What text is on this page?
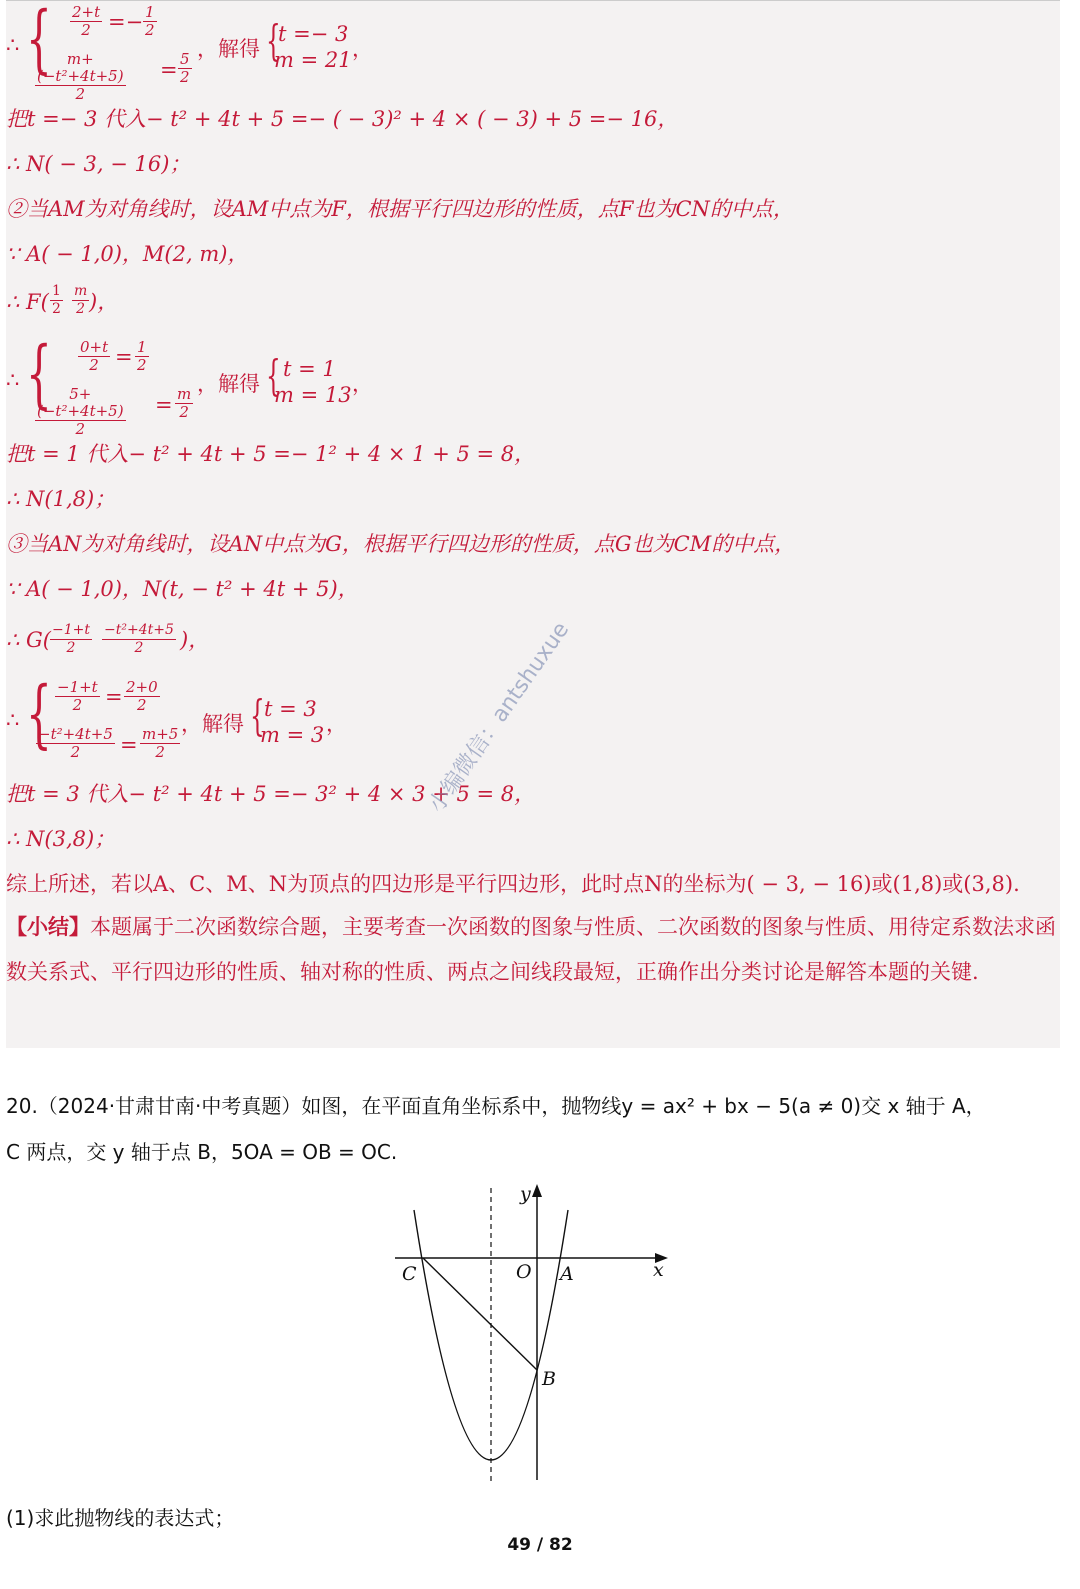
∴ { $\frac{2+t}{2} =- \frac{1}{2}$
$\frac{\text{m+(−t²+4t+5)}}{2} = \frac{5}{2}$
，解得 {
t =− 3
m = 21 ，
把t =− 3 代入− t² + 4t + 5 =− ( − 3)² + 4 × ( − 3) + 5 =− 16，
∴ N( − 3, − 16)；
②当AM为对角线时，设AM中点为F，根据平行四边形的性质，点F也为CN的中点，
∵ A( − 1,0)，M(2, m)，
∴ $F( \frac{1}{2} \frac{m}{2}$ )，
∴ { $\frac{0+t}{2} = \frac{1}{2}$
$\frac{\text{5+(−t²+4t+5)}}{2} = \frac{m}{2}$
，解得 { t = 1
m = 13 ，
把t = 1 代入− t² + 4t + 5 =− 1² + 4 × 1 + 5 = 8，
∴ N(1,8)；
③当AN为对角线时，设AN中点为G，根据平行四边形的性质，点G也为CM的中点，
∵ A( − 1,0)，N(t, − t² + 4t + 5)，
∴ G(
$\frac{-1+t}{2} \frac{\text{−t²+4t+5}}{2}$ )，
∴ { $\frac{-1+t}{2} = \frac{2+0}{2}$
$\frac{\text{−t²+4t+5}}{2} = \frac{m+5}{2}$
，解得 { t = 3
m = 3 ，
把t = 3 代入− t² + 4t + 5 =− 3² + 4 × 3 + 5 = 8，
∴ N(3,8)；
综上所述，若以A、C、M、N为顶点的四边形是平行四边形，此时点N的坐标为( − 3, − 16)或(1,8)或(3,8).
【小结】本题属于二次函数综合题，主要考查一次函数的图象与性质、二次函数的图象与性质、用待定系数法求函数关系式、平行四边形的性质、轴对称的性质、两点之间线段最短，正确作出分类讨论是解答本题的关键.
小编微信：antshuxue
20.（2024·甘肃甘南·中考真题）如图，在平面直角坐标系中，抛物线y = ax² + bx − 5(a ≠ 0)交 x 轴于 A，
C 两点，交 y 轴于点 B，5OA = OB = OC.
y
x
C	O A
B
(1)求此抛物线的表达式；
49 / 82
